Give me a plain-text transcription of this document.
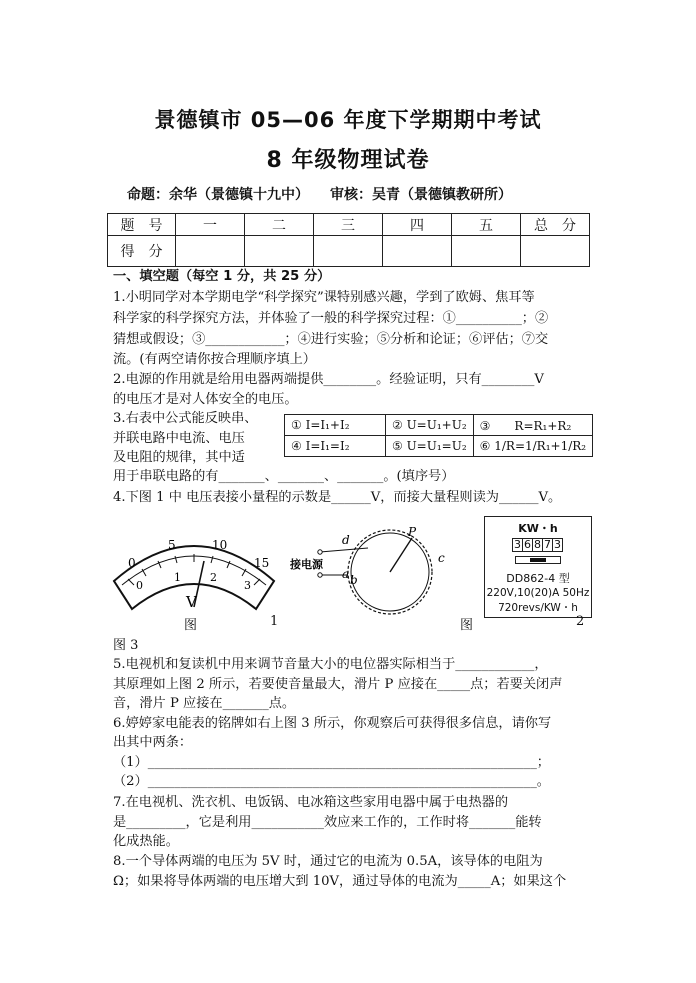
景德镇市 05—06 年度下学期期中考试
8 年级物理试卷
命题：余华（景德镇十九中）　　 审核：吴青（景德镇教研所）
题　号	一	二	三	四	五	总　分
得　分						
一、填空题（每空 1 分，共 25 分）
1.小明同学对本学期电学“科学探究”课特别感兴趣，学到了欧姆、焦耳等
科学家的科学探究方法，并体验了一般的科学探究过程：①__________；②
猜想或假设；③____________；④进行实验；⑤分析和论证；⑥评估；⑦交
流。(有两空请你按合理顺序填上）
2.电源的作用就是给用电器两端提供________。经验证明，只有________V
的电压才是对人体安全的电压。
3.右表中公式能反映串、
并联电路中电流、电压
及电阻的规律，其中适
用于串联电路的有_______、_______、_______。(填序号）
① I=I₁+I₂	② U=U₁+U₂	③　　R=R₁+R₂
④ I=I₁=I₂	⑤ U=U₁=U₂	⑥ 1/R=1/R₁+1/R₂
4.下图 1 中 电压表接小量程的示数是______V，而接大量程则读为______V。
0
5	10
15
0
1	2
3
V
d
P
c
a b
接电源
KW・h
3 6 8 7 3
DD862-4 型
220V,10(20)A 50Hz
720revs/KW・h
图	1	图	2
图 3
5.电视机和复读机中用来调节音量大小的电位器实际相当于____________，
其原理如上图 2 所示，若要使音量最大，滑片 P 应接在_____点；若要关闭声
音，滑片 P 应接在_______点。
6.婷婷家电能表的铭牌如右上图 3 所示，你观察后可获得很多信息，请你写
出其中两条：
（1）___________________________________________________________；
（2）___________________________________________________________。
7.在电视机、洗衣机、电饭锅、电冰箱这些家用电器中属于电热器的
是_________，它是利用___________效应来工作的，工作时将_______能转
化成热能。
8.一个导体两端的电压为 5V 时，通过它的电流为 0.5A，该导体的电阻为
Ω；如果将导体两端的电压增大到 10V，通过导体的电流为_____A；如果这个
